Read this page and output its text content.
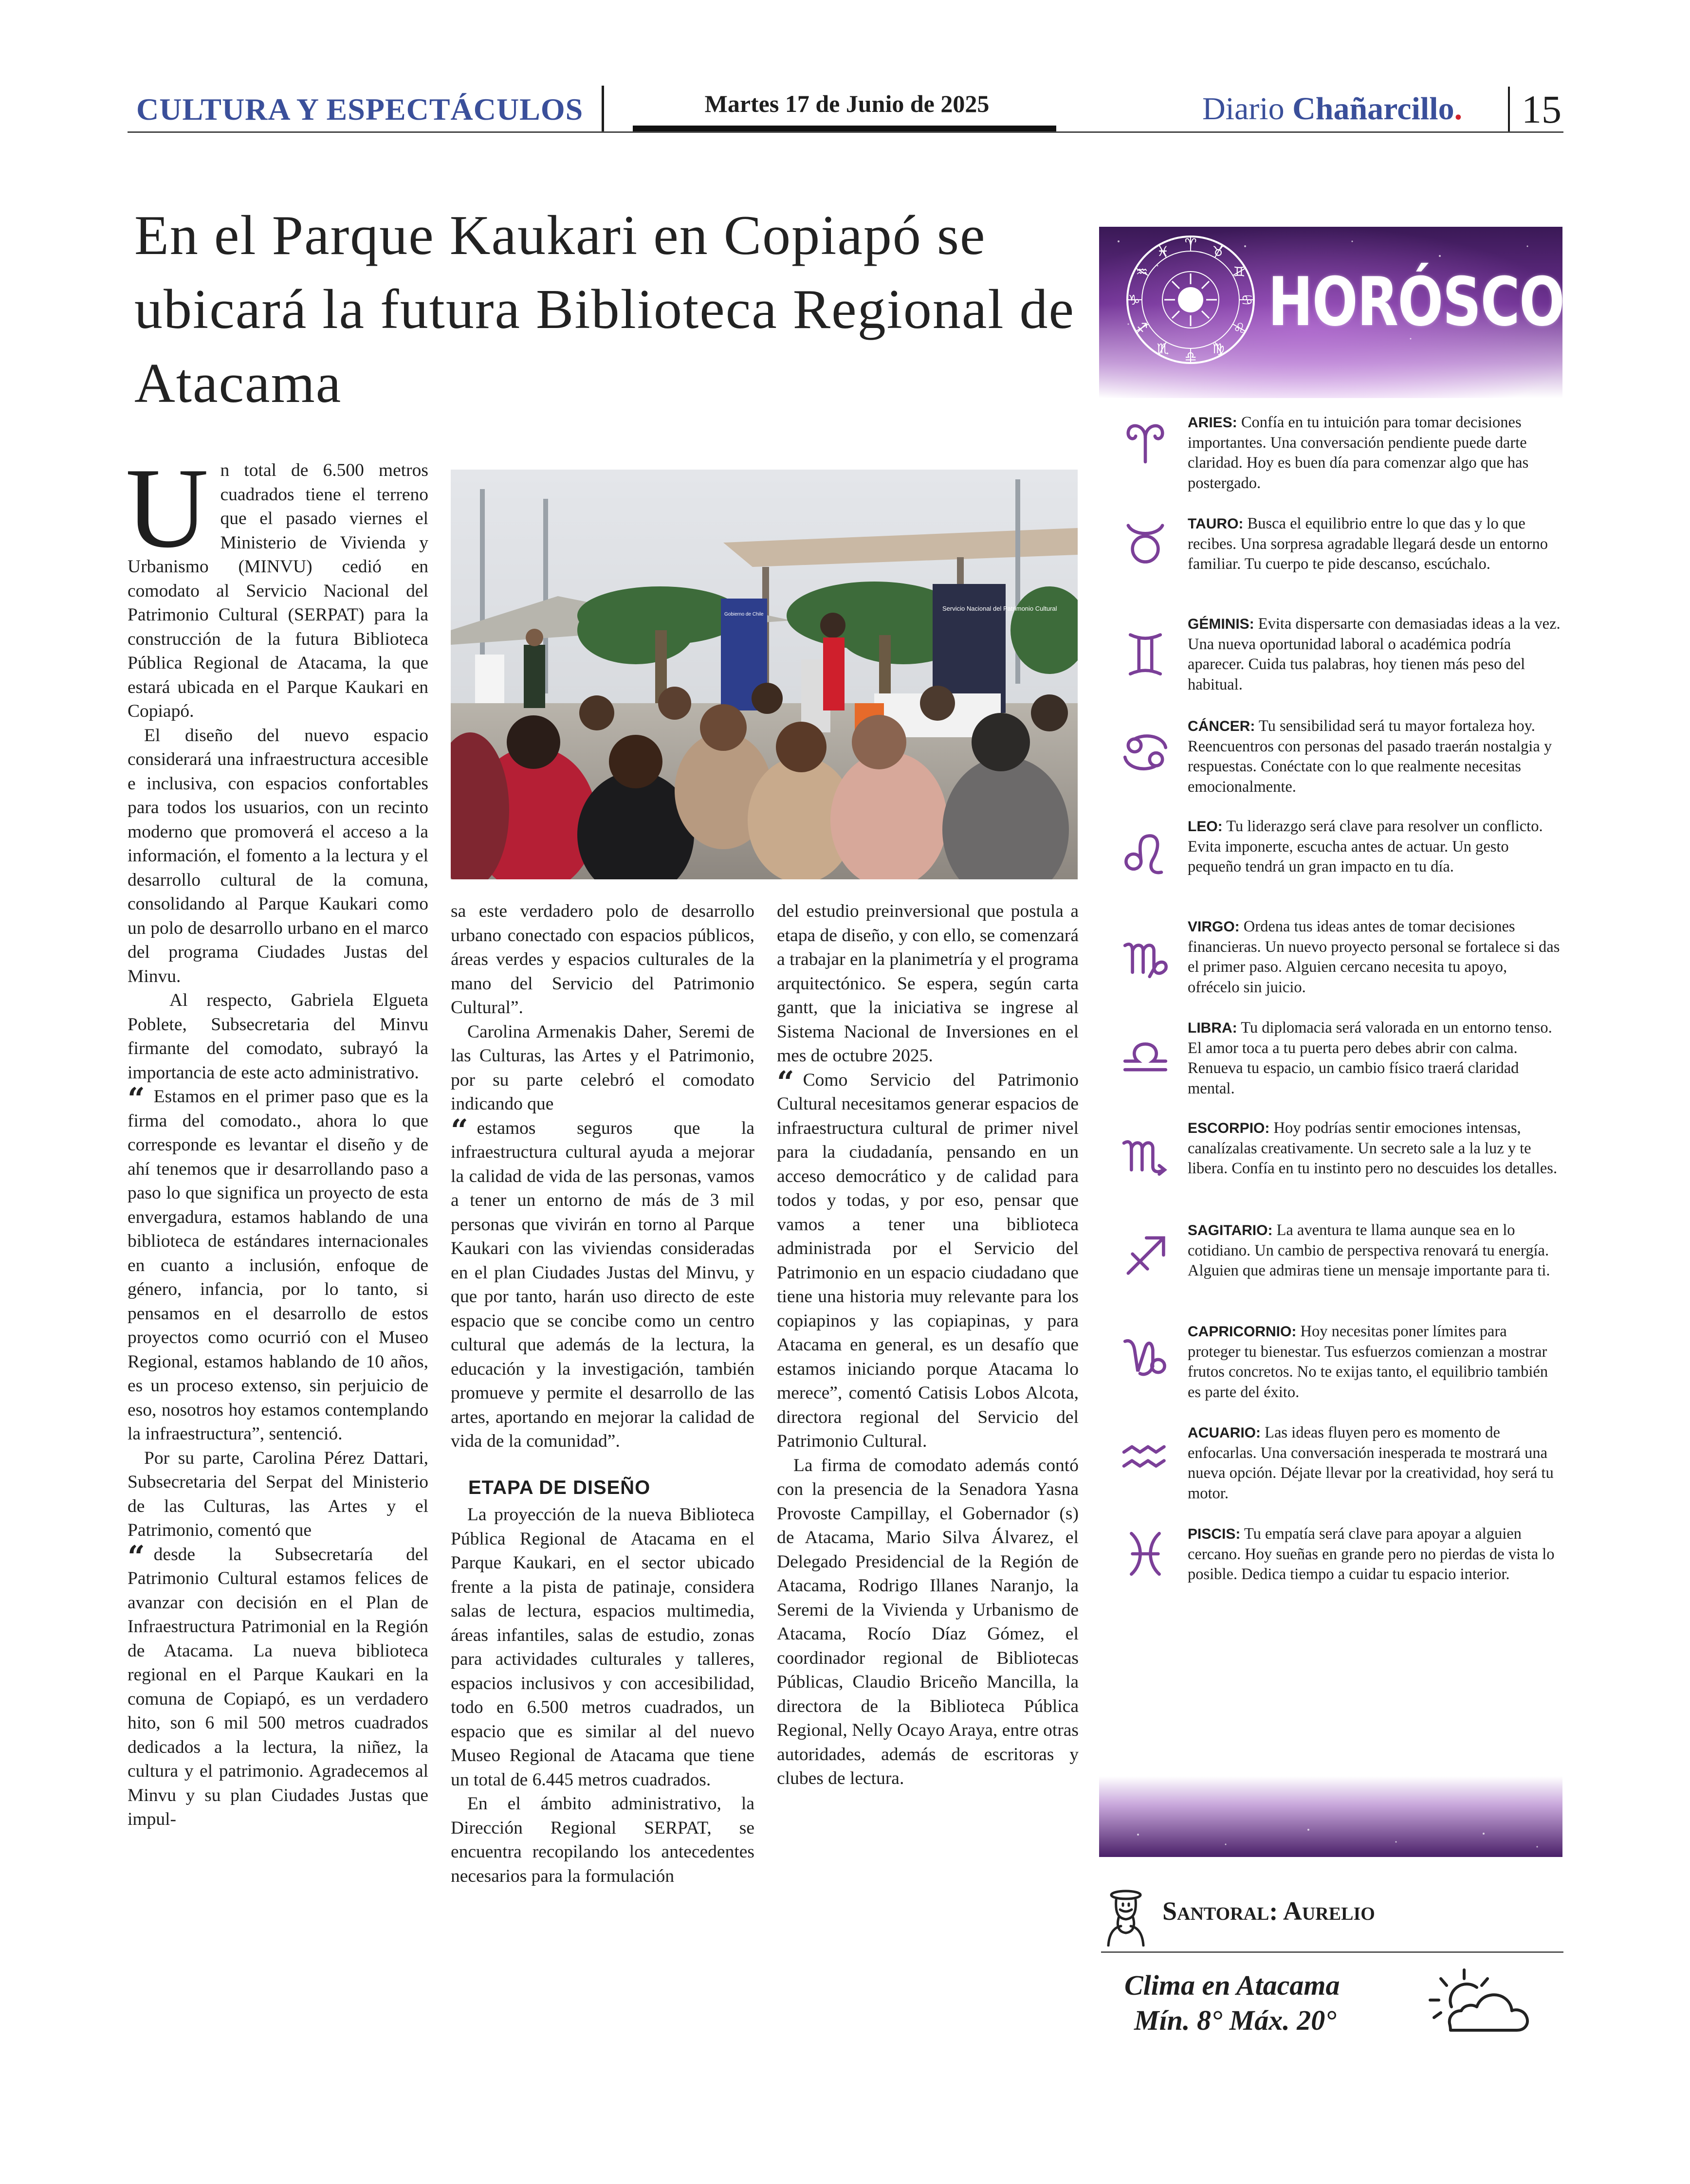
CULTURA Y ESPECTÁCULOS	Martes 17 de Junio de 2025	Diario Chañarcillo. 15
En el Parque Kaukari en Copiapó se ubicará la futura Biblioteca Regional de Atacama

Un total de 6.500 metros cuadrados tiene el terreno que el pasado viernes el Ministerio de Vivienda y Urbanismo (MINVU) cedió en comodato al Servicio Nacional del Patrimonio Cultural (SERPAT) para la construcción de la futura Biblioteca Pública Regional de Atacama, la que estará ubicada en el Parque Kaukari en Copiapó.

El diseño del nuevo espacio considerará una infraestructura accesible e inclusiva, con espacios confortables para todos los usuarios, con un recinto moderno que promoverá el acceso a la información, el fomento a la lectura y el desarrollo cultural de la comuna, consolidando al Parque Kaukari como un polo de desarrollo urbano en el marco del programa Ciudades Justas del Minvu.

Al respecto, Gabriela Elgueta Poblete, Subsecretaria del Minvu firmante del comodato, subrayó la importancia de este acto administrativo.

“ Estamos en el primer paso que es la firma del comodato., ahora lo que corresponde es levantar el diseño y de ahí tenemos que ir desarrollando paso a paso lo que significa un proyecto de esta envergadura, estamos hablando de una biblioteca de estándares internacionales en cuanto a inclusión, enfoque de género, infancia, por lo tanto, si pensamos en el desarrollo de estos proyectos como ocurrió con el Museo Regional, estamos hablando de 10 años, es un proceso extenso, sin perjuicio de eso, nosotros hoy estamos contemplando la infraestructura”, sentenció.

Por su parte, Carolina Pérez Dattari, Subsecretaria del Serpat del Ministerio de las Culturas, las Artes y el Patrimonio, comentó que

“ desde la Subsecretaría del Patrimonio Cultural estamos felices de avanzar con decisión en el Plan de Infraestructura Patrimonial en la Región de Atacama. La nueva biblioteca regional en el Parque Kaukari en la comuna de Copiapó, es un verdadero hito, son 6 mil 500 metros cuadrados dedicados a la lectura, la niñez, la cultura y el patrimonio. Agradecemos al Minvu y su plan Ciudades Justas que impul-

Servicio Nacional del Patrimonio Cultural
Gobierno de Chile

sa este verdadero polo de desarrollo urbano conectado con espacios públicos, áreas verdes y espacios culturales de la mano del Servicio del Patrimonio Cultural”.

Carolina Armenakis Daher, Seremi de las Culturas, las Artes y el Patrimonio, por su parte celebró el comodato indicando que

“ estamos seguros que la infraestructura cultural ayuda a mejorar la calidad de vida de las personas, vamos a tener un entorno de más de 3 mil personas que vivirán en torno al Parque Kaukari con las viviendas consideradas en el plan Ciudades Justas del Minvu, y que por tanto, harán uso directo de este espacio que se concibe como un centro cultural que además de la lectura, la educación y la investigación, también promueve y permite el desarrollo de las artes, aportando en mejorar la calidad de vida de la comunidad”.

ETAPA DE DISEÑO

La proyección de la nueva Biblioteca Pública Regional de Atacama en el Parque Kaukari, en el sector ubicado frente a la pista de patinaje, considera salas de lectura, espacios multimedia, áreas infantiles, salas de estudio, zonas para actividades culturales y talleres, espacios inclusivos y con accesibilidad, todo en 6.500 metros cuadrados, un espacio que es similar al del nuevo Museo Regional de Atacama que tiene un total de 6.445 metros cuadrados.

En el ámbito administrativo, la Dirección Regional SERPAT, se encuentra recopilando los antecedentes necesarios para la formulación

del estudio preinversional que postula a etapa de diseño, y con ello, se comenzará a trabajar en la planimetría y el programa arquitectónico. Se espera, según carta gantt, que la iniciativa se ingrese al Sistema Nacional de Inversiones en el mes de octubre 2025.

“ Como Servicio del Patrimonio Cultural necesitamos generar espacios de infraestructura cultural de primer nivel para la ciudadanía, pensando en un acceso democrático y de calidad para todos y todas, y por eso, pensar que vamos a tener una biblioteca administrada por el Servicio del Patrimonio en un espacio ciudadano que tiene una historia muy relevante para los copiapinos y las copiapinas, y para Atacama en general, es un desafío que estamos iniciando porque Atacama lo merece”, comentó Catisis Lobos Alcota, directora regional del Servicio del Patrimonio Cultural.

La firma de comodato además contó con la presencia de la Senadora Yasna Provoste Campillay, el Gobernador (s) de Atacama, Mario Silva Álvarez, el Delegado Presidencial de la Región de Atacama, Rodrigo Illanes Naranjo, la Seremi de la Vivienda y Urbanismo de Atacama, Rocío Díaz Gómez, el coordinador regional de Bibliotecas Públicas, Claudio Briceño Mancilla, la directora de la Biblioteca Pública Regional, Nelly Ocayo Araya, entre otras autoridades, además de escritoras y clubes de lectura.

♈ ♉
♊
♋
♌
♍
♎
♏
♐
♑
♒
♓
HORÓSCOPO
ARIES: Confía en tu intuición para tomar decisiones importantes. Una conversación pendiente puede darte claridad. Hoy es buen día para comenzar algo que has postergado.
TAURO: Busca el equilibrio entre lo que das y lo que recibes. Una sorpresa agradable llegará desde un entorno familiar. Tu cuerpo te pide descanso, escúchalo.
GÉMINIS: Evita dispersarte con demasiadas ideas a la vez. Una nueva oportunidad laboral o académica podría aparecer. Cuida tus palabras, hoy tienen más peso del habitual.
CÁNCER: Tu sensibilidad será tu mayor fortaleza hoy. Reencuentros con personas del pasado traerán nostalgia y respuestas. Conéctate con lo que realmente necesitas emocionalmente.
LEO: Tu liderazgo será clave para resolver un conflicto. Evita imponerte, escucha antes de actuar. Un gesto pequeño tendrá un gran impacto en tu día.
VIRGO: Ordena tus ideas antes de tomar decisiones financieras. Un nuevo proyecto personal se fortalece si das el primer paso. Alguien cercano necesita tu apoyo, ofrécelo sin juicio.
LIBRA: Tu diplomacia será valorada en un entorno tenso. El amor toca a tu puerta pero debes abrir con calma. Renueva tu espacio, un cambio físico traerá claridad mental.
ESCORPIO: Hoy podrías sentir emociones intensas, canalízalas creativamente. Un secreto sale a la luz y te libera. Confía en tu instinto pero no descuides los detalles.
SAGITARIO: La aventura te llama aunque sea en lo cotidiano. Un cambio de perspectiva renovará tu energía. Alguien que admiras tiene un mensaje importante para ti.
CAPRICORNIO: Hoy necesitas poner límites para proteger tu bienestar. Tus esfuerzos comienzan a mostrar frutos concretos. No te exijas tanto, el equilibrio también es parte del éxito.
ACUARIO: Las ideas fluyen pero es momento de enfocarlas. Una conversación inesperada te mostrará una nueva opción. Déjate llevar por la creatividad, hoy será tu motor.
PISCIS: Tu empatía será clave para apoyar a alguien cercano. Hoy sueñas en grande pero no pierdas de vista lo posible. Dedica tiempo a cuidar tu espacio interior.
Santoral: Aurelio
Clima en Atacama
Mín. 8° Máx. 20°
